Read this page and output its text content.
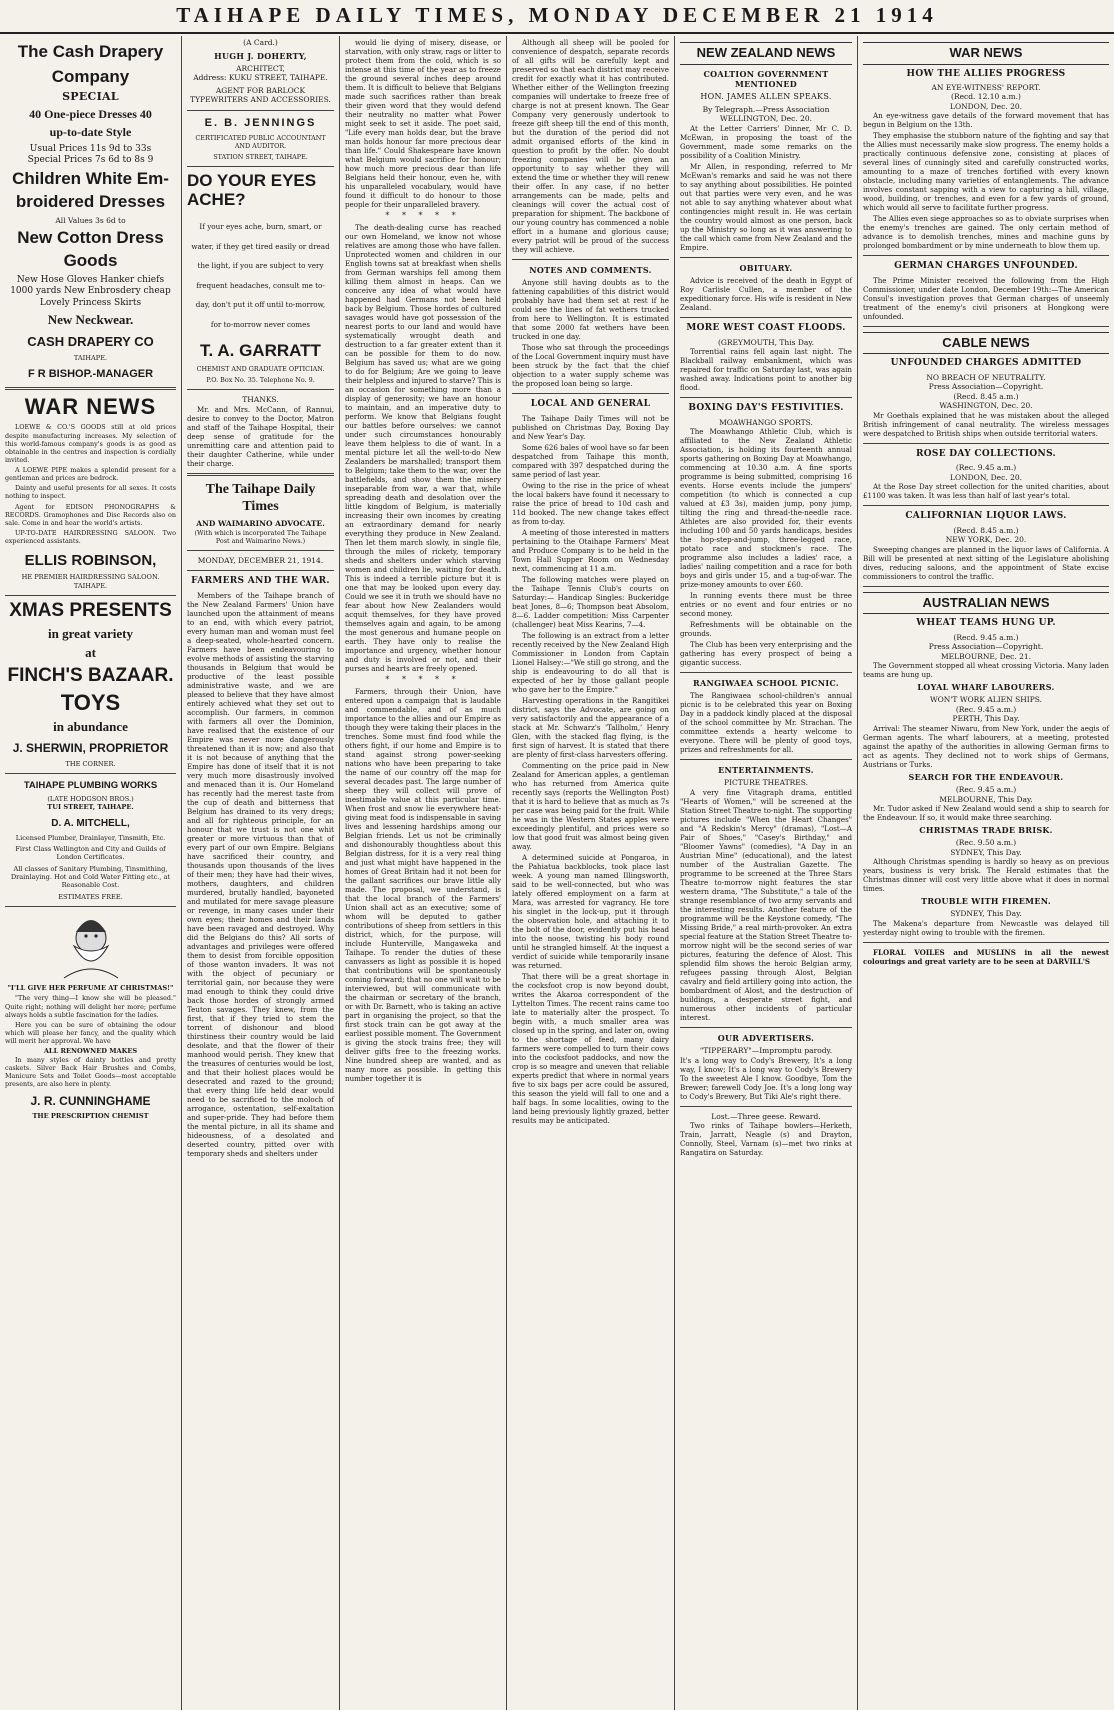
TAIHAPE DAILY TIMES, MONDAY DECEMBER 21 1914
The Cash Drapery
Company
SPECIAL
40 One-piece Dresses 40
up-to-date Style
Usual Prices 11s 9d to 33s
Special Prices 7s 6d to 8s 9
Children White Em-
broidered Dresses
All Values 3s 6d to
New Cotton Dress
Goods
New Hose Gloves Hanker chiefs 1000 yards New Enbrosdery cheap Lovely Princess Skirts
New Neckwear.
CASH DRAPERY CO
TAIHAPE.
F R BISHOP.-MANAGER
WAR NEWS
LOEWE & CO.'S GOODS still at old prices despite manufacturing increases. My selection of this world-famous company's goods is as good as obtainable in the centres and inspection is cordially invited.
A LOEWE PIPE makes a splendid present for a gentleman and prices are bedrock.
Dainty and useful presents for all sexes. It costs nothing to inspect.
Agent for EDISON PHONOGRAPHS & RECORDS. Gramophones and Disc Records also on sale. Come in and hear the world's artists.
UP-TO-DATE HAIRDRESSING SALOON. Two experienced assistants.
ELLIS ROBINSON,
HE PREMIER HAIRDRESSING SALOON.
TAIHAPE.
XMAS PRESENTS
in great variety
at
FINCH'S BAZAAR.
TOYS
in abundance
J. SHERWIN, PROPRIETOR
THE CORNER.
TAIHAPE PLUMBING WORKS
(LATE HODGSON BROS.)
TUI STREET, TAIHAPE.
D. A. MITCHELL,
Licensed Plumber, Drainlayer, Tinsmith, Etc.
First Class Wellington and City and Guilds of London Certificates.
All classes of Sanitary Plumbing, Tinsmithing, Drainlaying. Hot and Cold Water Fitting etc., at Reasonable Cost.
ESTIMATES FREE.
"I'LL GIVE HER PERFUME AT CHRISTMAS!"
"The very thing—I know she will be pleased." Quite right; nothing will delight her more; perfume always holds a subtle fascination for the ladies.
Here you can be sure of obtaining the odour which will please her fancy, and the quality which will merit her approval. We have
ALL RENOWNED MAKES
In many styles of dainty bottles and pretty caskets. Silver Back Hair Brushes and Combs, Manicure Sets and Toilet Goods—most acceptable presents, are also here in plenty.
J. R. CUNNINGHAME
THE PRESCRIPTION CHEMIST
(A Card.)
HUGH J. DOHERTY,
ARCHITECT,
Address: KUKU STREET, TAIHAPE.
AGENT FOR BARLOCK TYPEWRITERS AND ACCESSORIES.
E. B. JENNINGS
CERTIFICATED PUBLIC ACCOUNTANT AND AUDITOR.
STATION STREET, TAIHAPE.
DO YOUR EYES ACHE?
If your eyes ache, burn, smart, or water, if they get tired easily or dread the light, if you are subject to very frequent headaches, consult me to-day, don't put it off until to-morrow, for to-morrow never comes
T. A. GARRATT
CHEMIST AND GRADUATE OPTICIAN.
P.O. Box No. 35. Telephone No. 9.
THANKS.
Mr. and Mrs. McCann, of Rannui, desire to convey to the Doctor, Matron and staff of the Taihape Hospital, their deep sense of gratitude for the unremitting care and attention paid to their daughter Catherine, while under their charge.
The Taihape Daily Times
AND WAIMARINO ADVOCATE.
(With which is incorporated The Taihape Post and Waimarino News.)
MONDAY, DECEMBER 21, 1914.
FARMERS AND THE WAR.
Members of the Taihape branch of the New Zealand Farmers' Union have launched upon the attainment of means to an end, with which every patriot, every human man and woman must feel a deep-seated, whole-hearted concern. Farmers have been endeavouring to evolve methods of assisting the starving thousands in Belgium that would be productive of the least possible administrative waste, and we are pleased to believe that they have almost entirely achieved what they set out to accomplish. Our farmers, in common with farmers all over the Dominion, have realised that the existence of our Empire was never more dangerously threatened than it is now; and also that it is not because of anything that the Empire has done of itself that it is not very much more disastrously involved and menaced than it is. Our Homeland has recently had the merest taste from the cup of death and bitterness that Belgium has drained to its very dregs; and all for righteous principle, for an honour that we trust is not one whit greater or more virtuous than that of every part of our own Empire. Belgians have sacrificed their country, and thousands upon thousands of the lives of their men; they have had their wives, mothers, daughters, and children murdered, brutally handled, bayoneted and mutilated for mere savage pleasure or revenge, in many cases under their own eyes; their homes and their lands have been ravaged and destroyed. Why did the Belgians do this? All sorts of advantages and privileges were offered them to desist from forcible opposition of those wanton invaders. It was not with the object of pecuniary or territorial gain, nor because they were mad enough to think they could drive back those hordes of strongly armed Teuton savages. They knew, from the first, that if they tried to stem the torrent of dishonour and blood thirstiness their country would be laid desolate, and that the flower of their manhood would perish. They knew that the treasures of centuries would be lost, and that their holiest places would be desecrated and razed to the ground; that every thing life held dear would need to be sacrificed to the moloch of arrogance, ostentation, self-exaltation and super-pride. They had before them the mental picture, in all its shame and hideousness, of a desolated and deserted country, pitted over with temporary sheds and shelters under
would lie dying of misery, disease, or starvation, with only straw, rags or litter to protect them from the cold, which is so intense at this time of the year as to freeze the ground several inches deep around them. It is difficult to believe that Belgians made such sacrifices rather than break their given word that they would defend their neutrality no matter what Power might seek to set it aside. The poet said, "Life every man holds dear, but the brave man holds honour far more precious dear than life." Could Shakespeare have known what Belgium would sacrifice for honour; how much more precious dear than life Belgians held their honour, even he, with his unparalleled vocabulary, would have found it difficult to do honour to those people for their unparalleled bravery.
* * * * *
The death-dealing curse has reached our own Homeland, we know not whose relatives are among those who have fallen. Unprotected women and children in our English towns sat at breakfast when shells from German warships fell among them killing them almost in heaps. Can we conceive any idea of what would have happened had Germans not been held back by Belgium. Those hordes of cultured savages would have got possession of the nearest ports to our land and would have systematically wrought death and destruction to a far greater extent than it can be possible for them to do now. Belgium has saved us; what are we going to do for Belgium; Are we going to leave their helpless and injured to starve? This is an occasion for something more than a display of generosity; we have an honour to maintain, and an imperative duty to perform. We know that Belgians fought our battles before ourselves: we cannot under such circumstances honourably leave them helpless to die of want. In a mental picture let all the well-to-do New Zealanders be marshalled; transport them to Belgium; take them to the war, over the battlefields, and show them the misery inseparable from war, a war that, while spreading death and desolation over the little kingdom of Belgium, is materially increasing their own incomes by creating an extraordinary demand for nearly everything they produce in New Zealand. Then let them march slowly, in single file, through the miles of rickety, temporary sheds and shelters under which starving women and children lie, waiting for death. This is indeed a terrible picture but it is one that may be looked upon every day. Could we see it in truth we should have no fear about how New Zealanders would acquit themselves, for they have proved themselves again and again, to be among the most generous and humane people on earth. They have only to realise the importance and urgency, whether honour and duty is involved or not, and their purses and hearts are freely opened.
* * * * *
Farmers, through their Union, have entered upon a campaign that is laudable and commendable, and of as much importance to the allies and our Empire as though they were taking their places in the trenches. Some must find food while the others fight, if our home and Empire is to stand against strong power-seeking nations who have been preparing to take the name of our country off the map for several decades past. The large number of sheep they will collect will prove of inestimable value at this particular time. When frost and snow lie everywhere heat-giving meat food is indispensable in saving lives and lessening hardships among our Belgian friends. Let us not be criminally and dishonourably thoughtless about this Belgian distress, for it is a very real thing and just what might have happened in the homes of Great Britain had it not been for the gallant sacrifices our brave little ally made. The proposal, we understand, is that the local branch of the Farmers' Union shall act as an executive; some of whom will be deputed to gather contributions of sheep from settlers in this district, which, for the purpose, will include Hunterville, Mangaweka and Taihape. To render the duties of these canvassers as light as possible it is hoped that contributions will be spontaneously coming forward; that no one will wait to be interviewed, but will communicate with the chairman or secretary of the branch, or with Dr. Barnett, who is taking an active part in organising the project, so that the first stock train can be got away at the earliest possible moment. The Government is giving the stock trains free; they will deliver gifts free to the freezing works. Nine hundred sheep are wanted, and as many more as possible. In getting this number together it is
Although all sheep will be pooled for convenience of despatch, separate records of all gifts will be carefully kept and preserved so that each district may receive credit for exactly what it has contributed. Whether either of the Wellington freezing companies will undertake to freeze free of charge is not at present known. The Gear Company very generously undertook to freeze gift sheep till the end of this month, but the duration of the period did not admit organised efforts of the kind in question to profit by the offer. No doubt freezing companies will be given an opportunity to say whether they will extend the time or whether they will renew their offer. In any case, if no better arrangements can be made, pelts and cleanings will cover the actual cost of preparation for shipment. The backbone of our young country has commenced a noble effort in a humane and glorious cause; every patriot will be proud of the success they will achieve.
NOTES AND COMMENTS.
Anyone still having doubts as to the fattening capabilities of this district would probably have had them set at rest if he could see the lines of fat wethers trucked from here to Wellington. It is estimated that some 2000 fat wethers have been trucked in one day.
Those who sat through the proceedings of the Local Government inquiry must have been struck by the fact that the chief objection to a water supply scheme was the proposed loan being so large.
LOCAL AND GENERAL
The Taihape Daily Times will not be published on Christmas Day, Boxing Day and New Year's Day.
Some 626 bales of wool have so far been despatched from Taihape this month, compared with 397 despatched during the same period of last year.
Owing to the rise in the price of wheat the local bakers have found it necessary to raise the price of bread to 10d cash and 11d booked. The new change takes effect as from to-day.
A meeting of those interested in matters pertaining to the Otaihape Farmers' Meat and Produce Company is to be held in the Town Hall Supper Room on Wednesday next, commencing at 11 a.m.
The following matches were played on the Taihape Tennis Club's courts on Saturday:— Handicap Singles: Buckeridge beat Jones, 8—6; Thompson beat Absolom, 8—6. Ladder competition: Miss Carpenter (challenger) beat Miss Kearins, 7—4.
The following is an extract from a letter recently received by the New Zealand High Commissioner in London from Captain Lionel Halsey:—"We still go strong, and the ship is endeavouring to do all that is expected of her by those gallant people who gave her to the Empire."
Harvesting operations in the Rangitikei district, says the Advocate, are going on very satisfactorily and the appearance of a stack at Mr. Schwarz's 'Tallholm,' Henry Glen, with the stacked flag flying, is the first sign of harvest. It is stated that there are plenty of first-class harvesters offering.
Commenting on the price paid in New Zealand for American apples, a gentleman who has returned from America quite recently says (reports the Wellington Post) that it is hard to believe that as much as 7s per case was being paid for the fruit. While he was in the Western States apples were exceedingly plentiful, and prices were so low that good fruit was almost being given away.
A determined suicide at Pongaroa, in the Pahiatua backblocks, took place last week. A young man named Illingsworth, said to be well-connected, but who was lately offered employment on a farm at Mara, was arrested for vagrancy. He tore his singlet in the lock-up, put it through the observation hole, and attaching it to the bolt of the door, evidently put his head into the noose, twisting his body round until he strangled himself. At the inquest a verdict of suicide while temporarily insane was returned.
That there will be a great shortage in the cocksfoot crop is now beyond doubt, writes the Akaroa correspondent of the Lyttelton Times. The recent rains came too late to materially alter the prospect. To begin with, a much smaller area was closed up in the spring, and later on, owing to the shortage of feed, many dairy farmers were compelled to turn their cows into the cocksfoot paddocks, and now the crop is so meagre and uneven that reliable experts predict that where in normal years five to six bags per acre could be assured, this season the yield will fall to one and a half bags. In some localities, owing to the land being previously lightly grazed, better results may be anticipated.
NEW ZEALAND NEWS
COALTION GOVERNMENT MENTIONED
HON. JAMES ALLEN SPEAKS.
By Telegraph.—Press Association
WELLINGTON, Dec. 20.
At the Letter Carriers' Dinner, Mr C. D. McEwan, in proposing the toast of the Government, made some remarks on the possibility of a Coalition Ministry.
Mr Allen, in responding, referred to Mr McEwan's remarks and said he was not there to say anything about possibilities. He pointed out that parties were very even, and he was not able to say anything whatever about what contingencies might result in. He was certain the country would almost as one person, back up the Ministry so long as it was answering to the call which came from New Zealand and the Empire.
OBITUARY.
Advice is received of the death in Egypt of Roy Carlisle Cullen, a member of the expeditionary force. His wife is resident in New Zealand.
MORE WEST COAST FLOODS.
(GREYMOUTH, This Day.
Torrential rains fell again last night. The Blackball railway embankment, which was repaired for traffic on Saturday last, was again washed away. Indications point to another big flood.
BOXING DAY'S FESTIVITIES.
MOAWHANGO SPORTS.
The Moawhango Athletic Club, which is affiliated to the New Zealand Athletic Association, is holding its fourteenth annual sports gathering on Boxing Day at Moawhango, commencing at 10.30 a.m. A fine sports programme is being submitted, comprising 16 events. Horse events include the jumpers' competition (to which is connected a cup valued at £3 3s), maiden jump, pony jump, tilting the ring and thread-the-needle race. Athletes are also provided for, their events including 100 and 50 yards handicaps, besides the hop-step-and-jump, three-legged race, potato race and stockmen's race. The programme also includes a ladies' race, a ladies' nailing competition and a race for both boys and girls under 15, and a tug-of-war. The prize-money amounts to over £60.
In running events there must be three entries or no event and four entries or no second money.
Refreshments will be obtainable on the grounds.
The Club has been very enterprising and the gathering has every prospect of being a gigantic success.
RANGIWAEA SCHOOL PICNIC.
The Rangiwaea school-children's annual picnic is to be celebrated this year on Boxing Day in a paddock kindly placed at the disposal of the school committee by Mr. Strachan. The committee extends a hearty welcome to everyone. There will be plenty of good toys, prizes and refreshments for all.
ENTERTAINMENTS.
PICTURE THEATRES.
A very fine Vitagraph drama, entitled "Hearts of Women," will be screened at the Station Street Theatre to-night. The supporting pictures include "When the Heart Changes" and "A Redskin's Mercy" (dramas), "Lost—A Pair of Shoes," "Casey's Birthday," and "Bloomer Yawns" (comedies), "A Day in an Austrian Mine" (educational), and the latest number of the Australian Gazette. The programme to be screened at the Three Stars Theatre to-morrow night features the star western drama, "The Substitute," a tale of the strange resemblance of two army servants and the interesting results. Another feature of the programme will be the Keystone comedy, "The Missing Bride," a real mirth-provoker. An extra special feature at the Station Street Theatre to-morrow night will be the second series of war pictures, featuring the defence of Alost. This splendid film shows the heroic Belgian army, refugees passing through Alost, Belgian cavalry and field artillery going into action, the bombardment of Alost, and the destruction of buildings, a desperate street fight, and numerous other incidents of particular interest.
OUR ADVERTISERS.
"TIPPERARY"—Impromptu parody.
It's a long way to Cody's Brewery, It's a long way, I know; It's a long way to Cody's Brewery To the sweetest Ale I know. Goodbye, Tom the Brewer; farewell Cody Joe. It's a long long way to Cody's Brewery, But Tiki Ale's right there.
Lost.—Three geese. Reward.
Two rinks of Taihape bowlers—Herketh, Train, Jarratt, Neagle (s) and Drayton, Connolly, Steel, Varnam (s)—met two rinks at Rangatira on Saturday.
WAR NEWS
HOW THE ALLIES PROGRESS
AN EYE-WITNESS' REPORT.
(Recd. 12.10 a.m.)
LONDON, Dec. 20.
An eye-witness gave details of the forward movement that has begun in Belgium on the 13th.
They emphasise the stubborn nature of the fighting and say that the Allies must necessarily make slow progress. The enemy holds a practically continuous defensive zone, consisting at places of several lines of cunningly sited and carefully constructed works, amounting to a maze of trenches fortified with every known obstacle, including many varieties of entanglements. The advance involves constant sapping with a view to capturing a hill, village, wood, building, or trenches, and even for a few yards of ground, which would all serve to facilitate further progress.
The Allies even siege approaches so as to obviate surprises when the enemy's trenches are gained. The only certain method of advance is to demolish trenches, mines and machine guns by prolonged bombardment or by mine underneath to blow them up.
GERMAN CHARGES UNFOUNDED.
The Prime Minister received the following from the High Commissioner, under date London, December 19th:—The American Consul's investigation proves that German charges of unseemly treatment of the enemy's civil prisoners at Hongkong were unfounded.
CABLE NEWS
UNFOUNDED CHARGES ADMITTED
NO BREACH OF NEUTRALITY.
Press Association—Copyright.
(Recd. 8.45 a.m.)
WASHINGTON, Dec. 20.
Mr Goethals explained that he was mistaken about the alleged British infringement of canal neutrality. The wireless messages were despatched to British ships when outside territorial waters.
ROSE DAY COLLECTIONS.
(Rec. 9.45 a.m.)
LONDON, Dec. 20.
At the Rose Day street collection for the united charities, about £1100 was taken. It was less than half of last year's total.
CALIFORNIAN LIQUOR LAWS.
(Recd. 8.45 a.m.)
NEW YORK, Dec. 20.
Sweeping changes are planned in the liquor laws of California. A Bill will be presented at next sitting of the Legislature abolishing dives, reducing saloons, and the appointment of State excise commissioners to control the traffic.
AUSTRALIAN NEWS
WHEAT TEAMS HUNG UP.
(Recd. 9.45 a.m.)
Press Association—Copyright.
MELBOURNE, Dec. 21.
The Government stopped all wheat crossing Victoria. Many laden teams are hung up.
LOYAL WHARF LABOURERS.
WON'T WORK ALIEN SHIPS.
(Rec. 9.45 a.m.)
PERTH, This Day.
Arrival: The steamer Niwaru, from New York, under the aegis of German agents. The wharf labourers, at a meeting, protested against the apathy of the authorities in allowing German firms to act as agents. They declined not to work ships of Germans, Austrians or Turks.
SEARCH FOR THE ENDEAVOUR.
(Rec. 9.45 a.m.)
MELBOURNE, This Day.
Mr. Tudor asked if New Zealand would send a ship to search for the Endeavour. If so, it would make three searching.
CHRISTMAS TRADE BRISK.
(Rec. 9.50 a.m.)
SYDNEY, This Day.
Although Christmas spending is hardly so heavy as on previous years, business is very brisk. The Herald estimates that the Christmas dinner will cost very little above what it does in normal times.
TROUBLE WITH FIREMEN.
SYDNEY, This Day.
The Makena's departure from Newcastle was delayed till yesterday night owing to trouble with the firemen.
FLORAL VOILES and MUSLINS in all the newest colourings and great variety are to be seen at DARVILL'S
